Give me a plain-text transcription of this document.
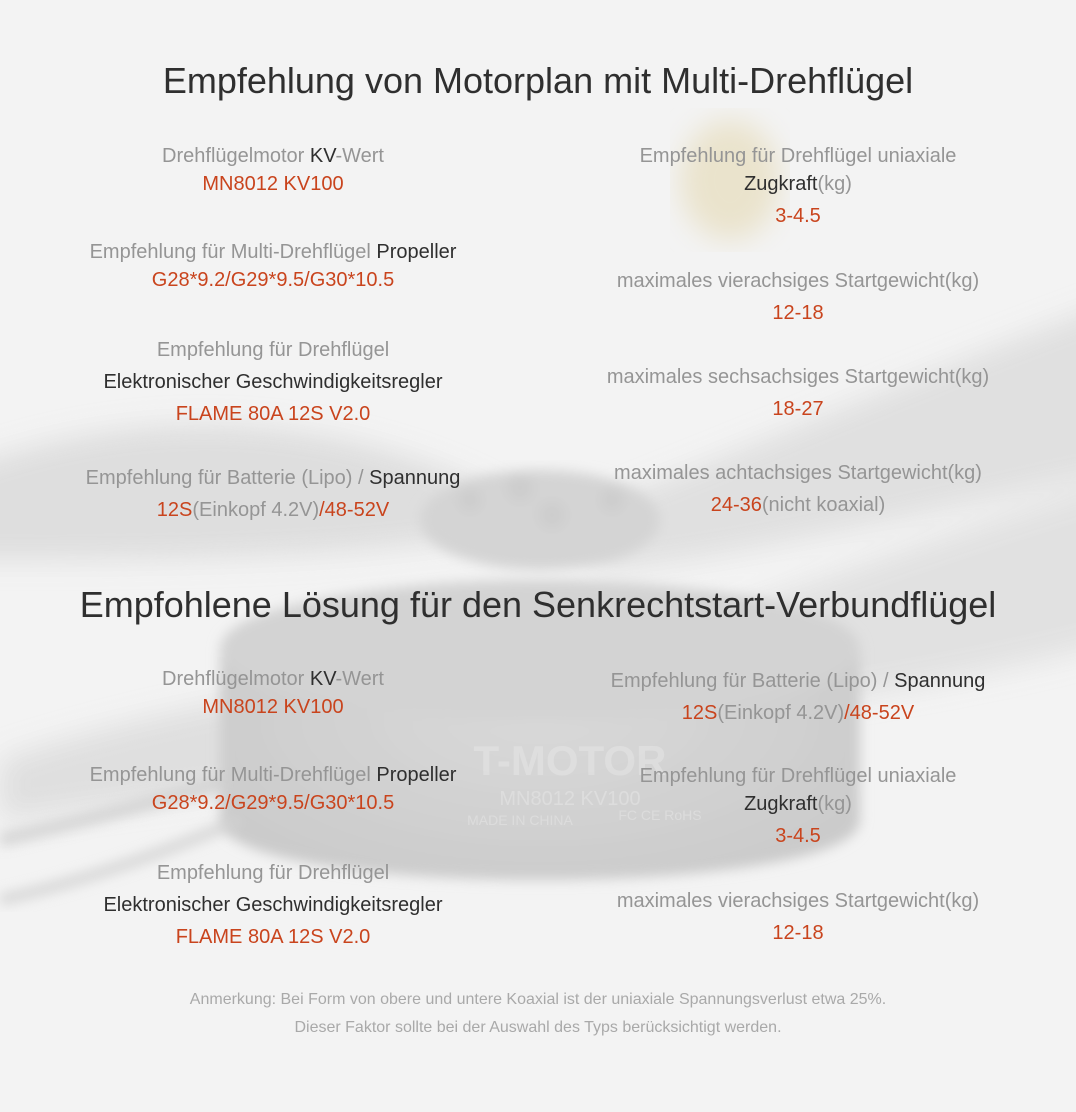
T-MOTOR
MN8012 KV100
MADE IN CHINA	FC CE RoHS
Empfehlung von Motorplan mit Multi-Drehflügel
Drehflügelmotor KV-Wert
MN8012 KV100
Empfehlung für Multi-Drehflügel Propeller
G28*9.2/G29*9.5/G30*10.5
Empfehlung für Drehflügel
Elektronischer Geschwindigkeitsregler
FLAME 80A 12S V2.0
Empfehlung für Batterie (Lipo) / Spannung
12S(Einkopf 4.2V)/48-52V
Empfehlung für Drehflügel uniaxiale
Zugkraft(kg)
3-4.5
maximales vierachsiges Startgewicht(kg)
12-18
maximales sechsachsiges Startgewicht(kg)
18-27
maximales achtachsiges Startgewicht(kg)
24-36(nicht koaxial)
Empfohlene Lösung für den Senkrechtstart-Verbundflügel
Drehflügelmotor KV-Wert
MN8012 KV100
Empfehlung für Multi-Drehflügel Propeller
G28*9.2/G29*9.5/G30*10.5
Empfehlung für Drehflügel
Elektronischer Geschwindigkeitsregler
FLAME 80A 12S V2.0
Empfehlung für Batterie (Lipo) / Spannung
12S(Einkopf 4.2V)/48-52V
Empfehlung für Drehflügel uniaxiale
Zugkraft(kg)
3-4.5
maximales vierachsiges Startgewicht(kg)
12-18
Anmerkung: Bei Form von obere und untere Koaxial ist der uniaxiale Spannungsverlust etwa 25%.
Dieser Faktor sollte bei der Auswahl des Typs berücksichtigt werden.
